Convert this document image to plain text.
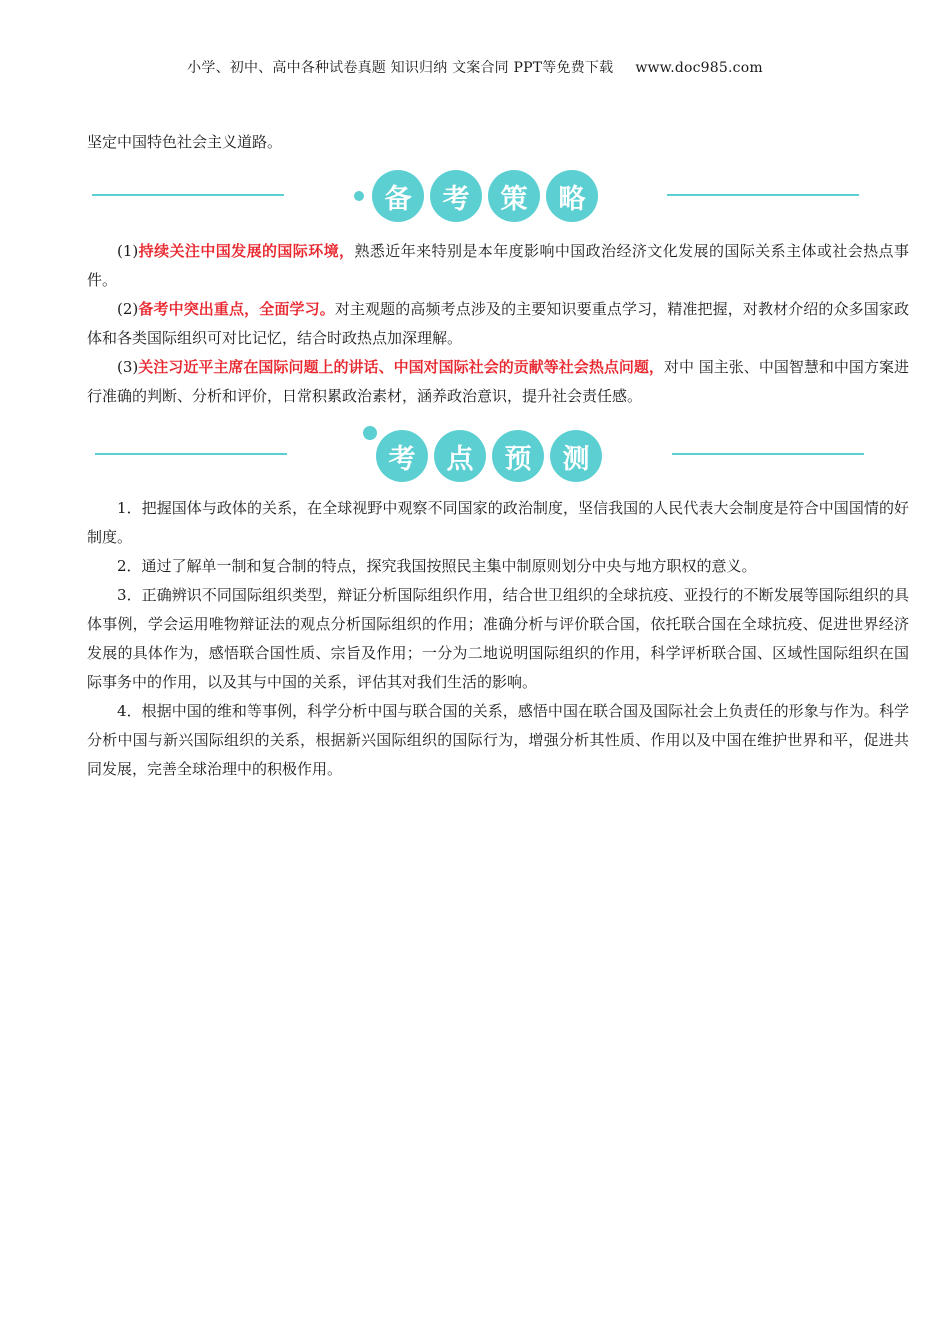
小学、初中、高中各种试卷真题 知识归纳 文案合同 PPT等免费下载 www.doc985.com
坚定中国特色社会主义道路。
备	考	策	略

(1)持续关注中国发展的国际环境，熟悉近年来特别是本年度影响中国政治经济文化发展的国际关系主体或社会热点事件。

(2)备考中突出重点，全面学习。对主观题的高频考点涉及的主要知识要重点学习，精准把握，对教材介绍的众多国家政体和各类国际组织可对比记忆，结合时政热点加深理解。

(3)关注习近平主席在国际问题上的讲话、中国对国际社会的贡献等社会热点问题，对中 国主张、中国智慧和中国方案进行准确的判断、分析和评价，日常积累政治素材，涵养政治意识，提升社会责任感。

考	点	预	测

1．把握国体与政体的关系，在全球视野中观察不同国家的政治制度，坚信我国的人民代表大会制度是符合中国国情的好制度。

2．通过了解单一制和复合制的特点，探究我国按照民主集中制原则划分中央与地方职权的意义。

3．正确辨识不同国际组织类型，辩证分析国际组织作用，结合世卫组织的全球抗疫、亚投行的不断发展等国际组织的具体事例，学会运用唯物辩证法的观点分析国际组织的作用；准确分析与评价联合国，依托联合国在全球抗疫、促进世界经济发展的具体作为，感悟联合国性质、宗旨及作用；一分为二地说明国际组织的作用，科学评析联合国、区域性国际组织在国际事务中的作用，以及其与中国的关系，评估其对我们生活的影响。

4．根据中国的维和等事例，科学分析中国与联合国的关系，感悟中国在联合国及国际社会上负责任的形象与作为。科学分析中国与新兴国际组织的关系，根据新兴国际组织的国际行为，增强分析其性质、作用以及中国在维护世界和平，促进共同发展，完善全球治理中的积极作用。
